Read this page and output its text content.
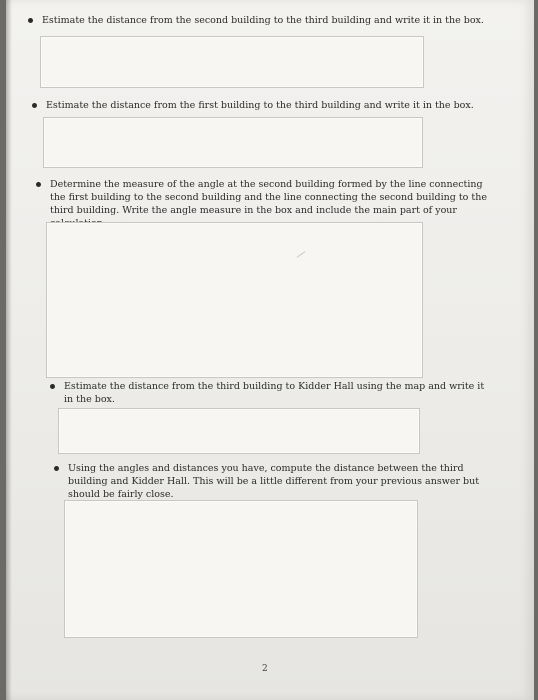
Estimate the distance from the second building to the third building and write it in the box.
Estimate the distance from the first building to the third building and write it in the box.
Determine the measure of the angle at the second building formed by the line connecting the first building to the second building and the line connecting the second building to the third building. Write the angle measure in the box and include the main part of your
Estimate the distance from the third building to Kidder Hall using the map and write it in the box.
Using the angles and distances you have, compute the distance between the third building and Kidder Hall. This will be a little different from your previous answer but should be fairly close.
2
